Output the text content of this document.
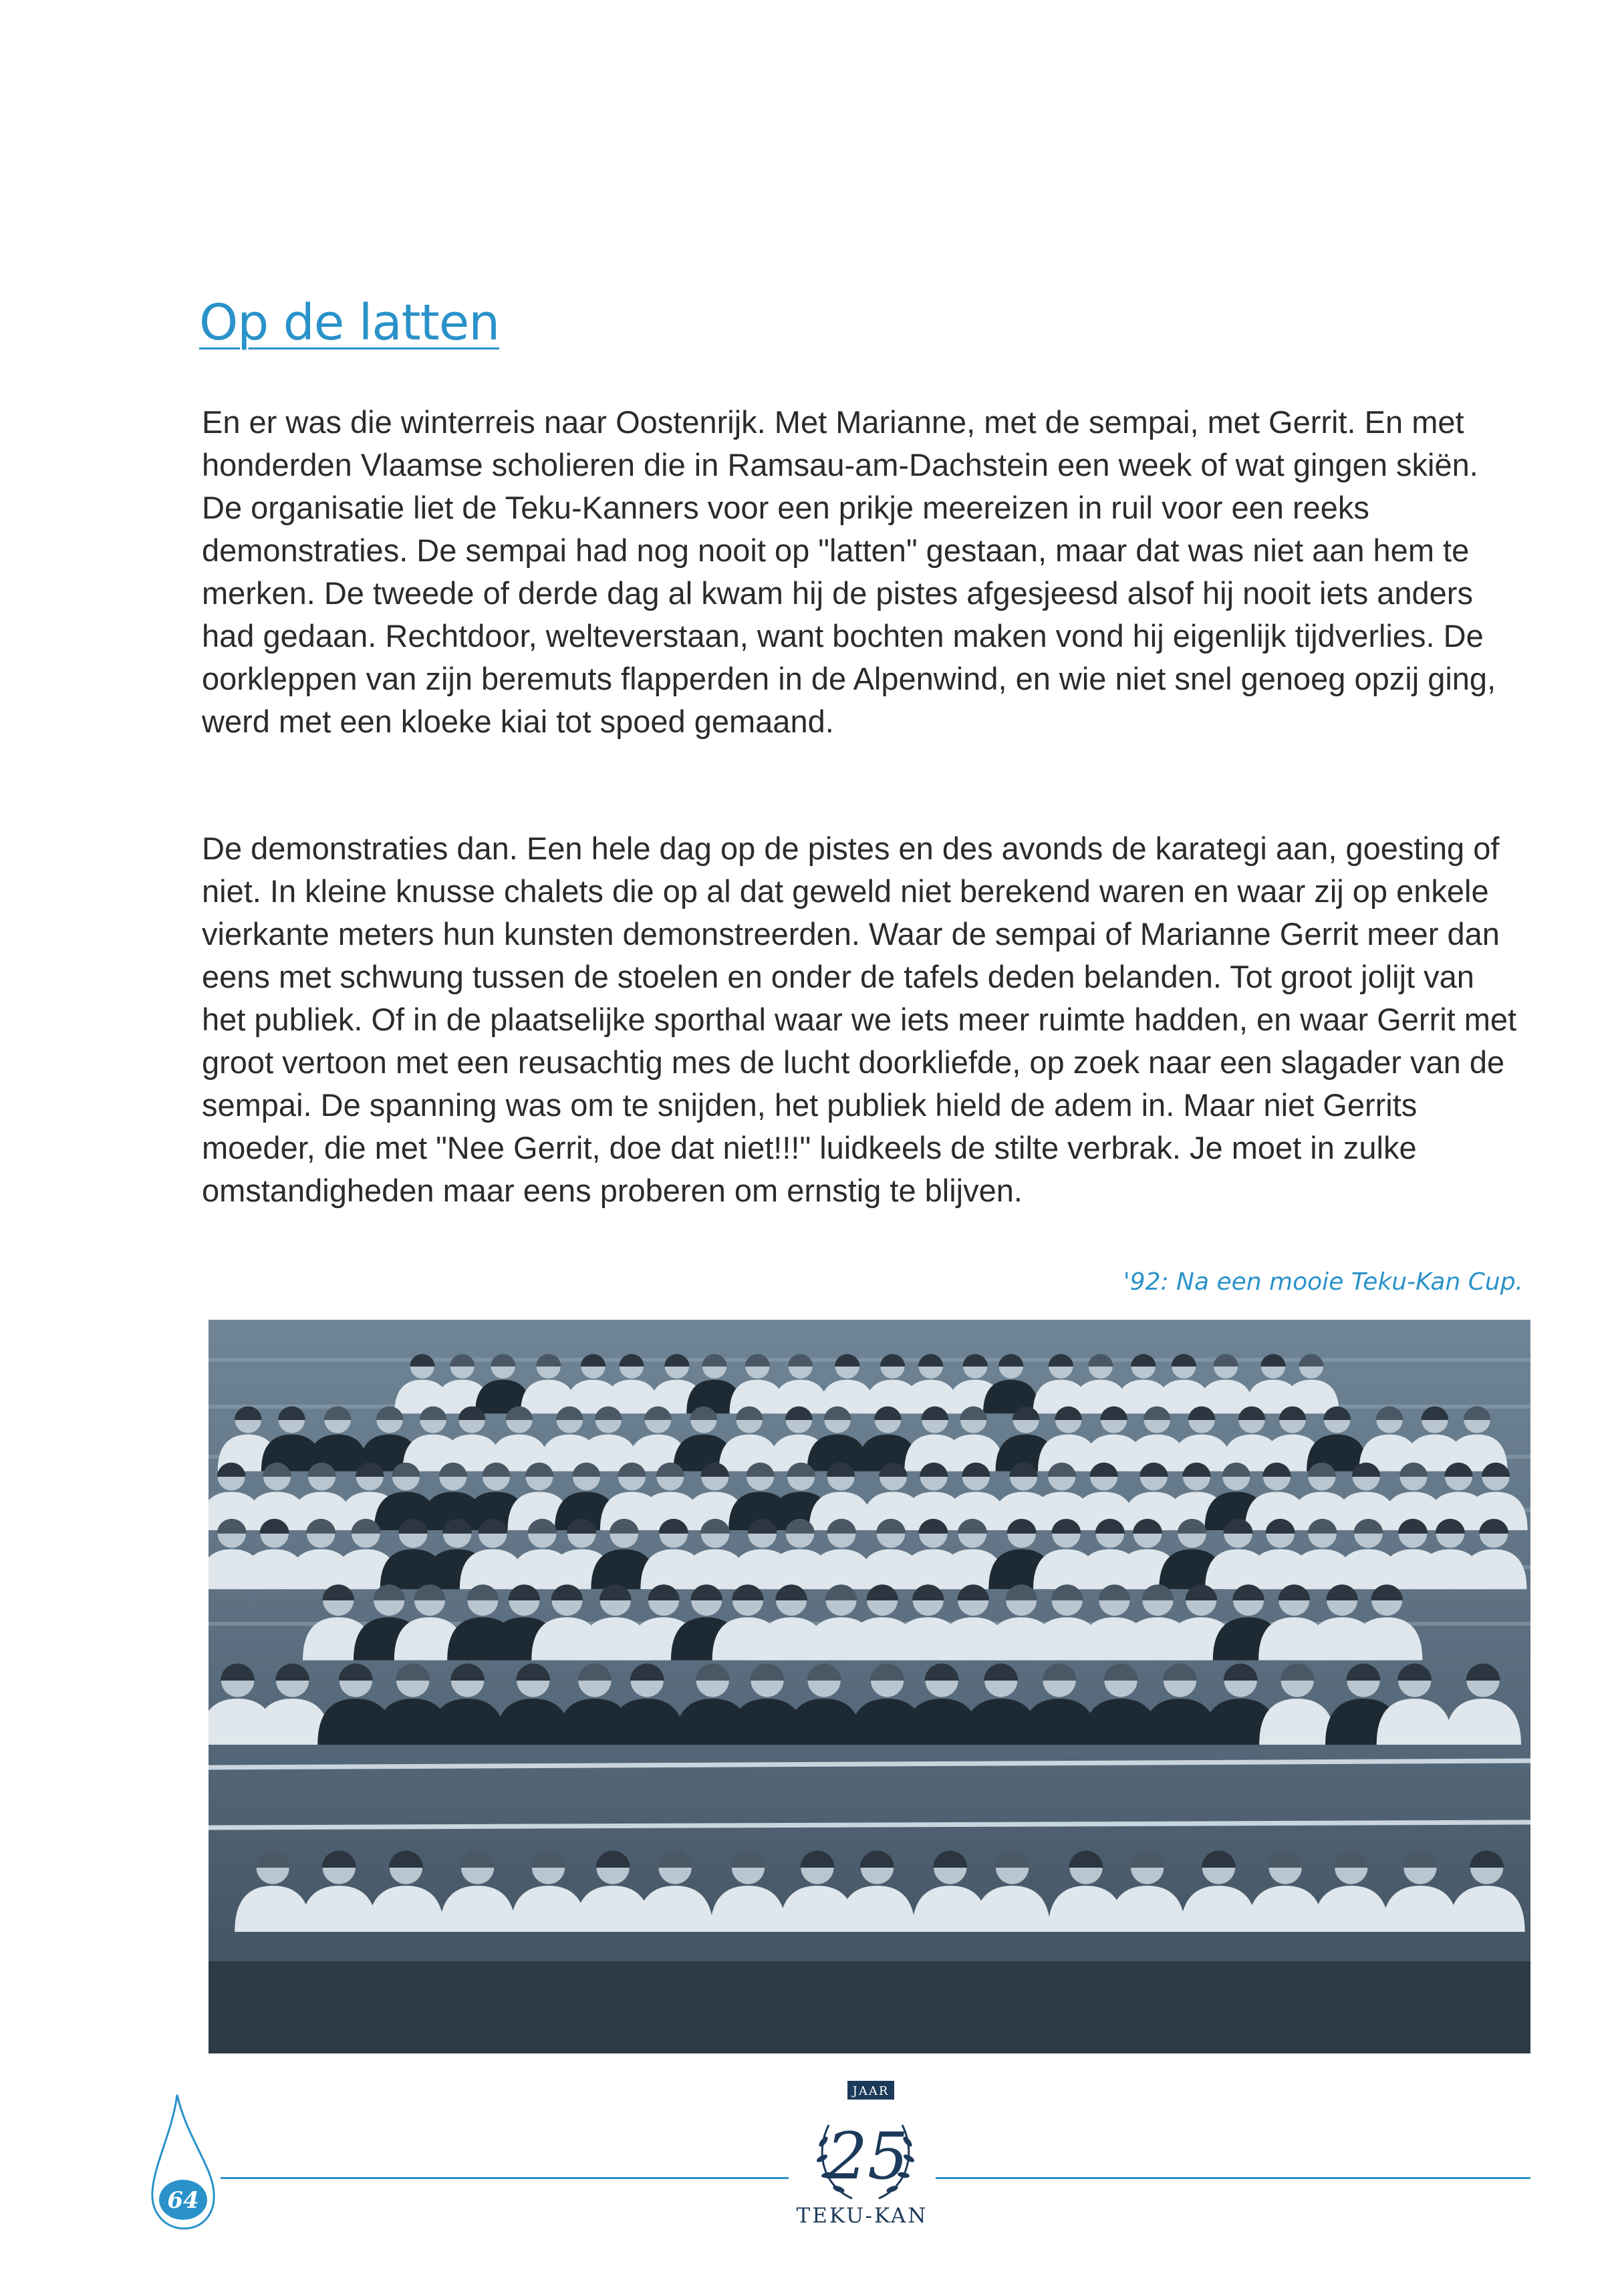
Op de latten

En er was die winterreis naar Oostenrijk. Met Marianne, met de sempai, met Gerrit. En met honderden Vlaamse scholieren die in Ramsau-am-Dachstein een week of wat gingen skiën. De organisatie liet de Teku-Kanners voor een prikje meereizen in ruil voor een reeks demonstraties. De sempai had nog nooit op "latten" gestaan, maar dat was niet aan hem te merken. De tweede of derde dag al kwam hij de pistes afgesjeesd alsof hij nooit iets anders had gedaan. Rechtdoor, welteverstaan, want bochten maken vond hij eigenlijk tijdverlies. De oorkleppen van zijn beremuts flapperden in de Alpenwind, en wie niet snel genoeg opzij ging, werd met een kloeke kiai tot spoed gemaand.

De demonstraties dan. Een hele dag op de pistes en des avonds de karategi aan, goesting of niet. In kleine knusse chalets die op al dat geweld niet berekend waren en waar zij op enkele vierkante meters hun kunsten demonstreerden. Waar de sempai of Marianne Gerrit meer dan eens met schwung tussen de stoelen en onder de tafels deden belanden. Tot groot jolijt van het publiek. Of in de plaatselijke sporthal waar we iets meer ruimte hadden, en waar Gerrit met groot vertoon met een reusachtig mes de lucht doorkliefde, op zoek naar een slagader van de sempai. De spanning was om te snijden, het publiek hield de adem in. Maar niet Gerrits moeder, die met "Nee Gerrit, doe dat niet!!!" luidkeels de stilte verbrak. Je moet in zulke omstandigheden maar eens proberen om ernstig te blijven.

'92: Na een mooie Teku-Kan Cup.
64
JAAR
25
TEKU-KAN
